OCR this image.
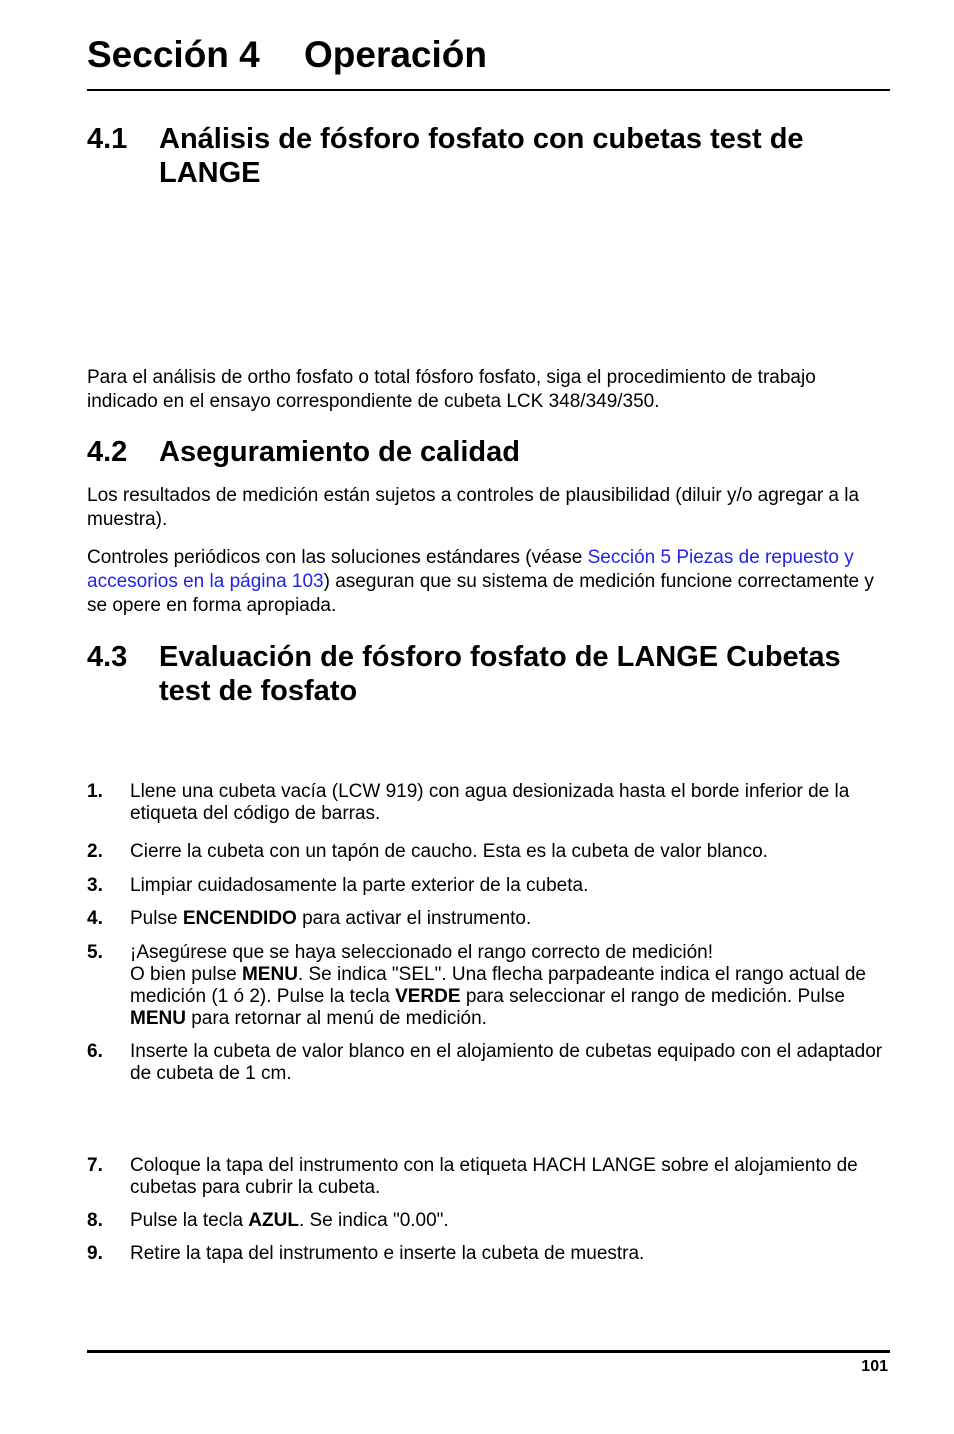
Sección 4 Operación
4.1	Análisis de fósforo fosfato con cubetas test de LANGE

Para el análisis de ortho fosfato o total fósforo fosfato, siga el procedimiento de trabajo indicado en el ensayo correspondiente de cubeta LCK 348/349/350.

4.2	Aseguramiento de calidad

Los resultados de medición están sujetos a controles de plausibilidad (diluir y/o agregar a la muestra).

Controles periódicos con las soluciones estándares (véase Sección 5 Piezas de repuesto y accesorios en la página 103) aseguran que su sistema de medición funcione correctamente y se opere en forma apropiada.

4.3	Evaluación de fósforo fosfato de LANGE Cubetas test de fosfato
1.	Llene una cubeta vacía (LCW 919) con agua desionizada hasta el borde inferior de la etiqueta del código de barras.
2.	Cierre la cubeta con un tapón de caucho. Esta es la cubeta de valor blanco.
3.	Limpiar cuidadosamente la parte exterior de la cubeta.
4.	Pulse ENCENDIDO para activar el instrumento.
5.	¡Asegúrese que se haya seleccionado el rango correcto de medición!
O bien pulse MENU. Se indica "SEL". Una flecha parpadeante indica el rango actual de medición (1 ó 2). Pulse la tecla VERDE para seleccionar el rango de medición. Pulse MENU para retornar al menú de medición.
6.	Inserte la cubeta de valor blanco en el alojamiento de cubetas equipado con el adaptador de cubeta de 1 cm.
7.	Coloque la tapa del instrumento con la etiqueta HACH LANGE sobre el alojamiento de cubetas para cubrir la cubeta.
8.	Pulse la tecla AZUL. Se indica "0.00".
9.	Retire la tapa del instrumento e inserte la cubeta de muestra.
101
